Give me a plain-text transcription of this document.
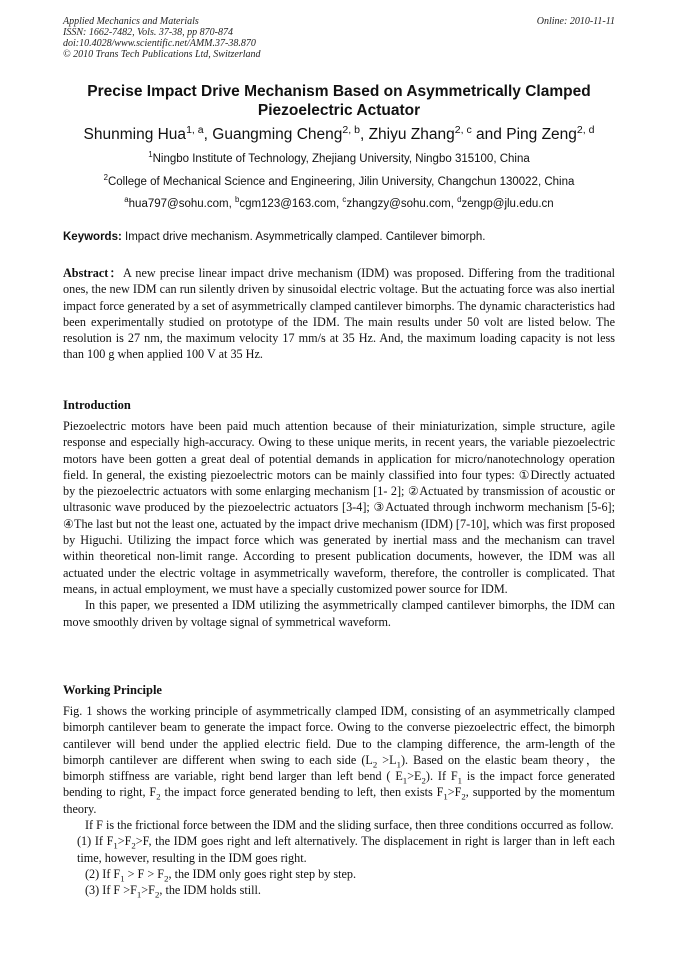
Applied Mechanics and Materials
ISSN: 1662-7482, Vols. 37-38, pp 870-874
doi:10.4028/www.scientific.net/AMM.37-38.870
© 2010 Trans Tech Publications Ltd, Switzerland
Online: 2010-11-11
Precise Impact Drive Mechanism Based on Asymmetrically Clamped
Piezoelectric Actuator
Shunming Hua$^{1, a}$, Guangming Cheng$^{2, b}$, Zhiyu Zhang$^{2, c}$ and Ping Zeng$^{2, d}$
$^1$Ningbo Institute of Technology, Zhejiang University, Ningbo 315100, China
$^2$College of Mechanical Science and Engineering, Jilin University, Changchun 130022, China
$^a$hua797@sohu.com, $^b$cgm123@163.com, $^c$zhangzy@sohu.com, $^d$zengp@jlu.edu.cn
Keywords: Impact drive mechanism. Asymmetrically clamped. Cantilever bimorph.
Abstract：A new precise linear impact drive mechanism (IDM) was proposed. Differing from the traditional ones, the new IDM can run silently driven by sinusoidal electric voltage. But the actuating force was also inertial impact force generated by a set of asymmetrically clamped cantilever bimorphs. The dynamic characteristics had been experimentally studied on prototype of the IDM. The main results under 50 volt are listed below. The resolution is 27 nm, the maximum velocity 17 mm/s at 35 Hz. And, the maximum loading capacity is not less than 100 g when applied 100 V at 35 Hz.
Introduction

Piezoelectric motors have been paid much attention because of their miniaturization, simple structure, agile response and especially high-accuracy. Owing to these unique merits, in recent years, the variable piezoelectric motors have been gotten a great deal of potential demands in application for micro/nanotechnology operation field. In general, the existing piezoelectric motors can be mainly classified into four types: ①Directly actuated by the piezoelectric actuators with some enlarging mechanism [1- 2]; ②Actuated by transmission of acoustic or ultrasonic wave produced by the piezoelectric actuators [3-4]; ③Actuated through inchworm mechanism [5-6]; ④The last but not the least one, actuated by the impact drive mechanism (IDM) [7-10], which was first proposed by Higuchi. Utilizing the impact force which was generated by inertial mass and the mechanism can travel within theoretical non-limit range. According to present publication documents, however, the IDM was all actuated under the electric voltage in asymmetrically waveform, therefore, the controller is complicated. That means, in actual employment, we must have a specially customized power source for IDM.

In this paper, we presented a IDM utilizing the asymmetrically clamped cantilever bimorphs, the IDM can move smoothly driven by voltage signal of symmetrical waveform.

Working Principle

Fig. 1 shows the working principle of asymmetrically clamped IDM, consisting of an asymmetrically clamped bimorph cantilever beam to generate the impact force. Owing to the converse piezoelectric effect, the bimorph cantilever will bend under the applied electric field. Due to the clamping difference, the arm-length of the bimorph cantilever are different when swing to each side $(L_2 >L_1)$. Based on the elastic beam theory，the bimorph stiffness are variable, right bend larger than left bend ( $E_1>E_2$). If $F_1$ is the impact force generated bending to right, $F_2$ the impact force generated bending to left, then exists $F_1>F_2$, supported by the momentum theory.

If F is the frictional force between the IDM and the sliding surface, then three conditions occurred as follow.

(1) If $F_1>F_2>F$, the IDM goes right and left alternatively. The displacement in right is larger than in left each time, however, resulting in the IDM goes right.

(2) If $F_1 > F > F_2$, the IDM only goes right step by step.

(3) If $F >F_1>F_2$, the IDM holds still.
